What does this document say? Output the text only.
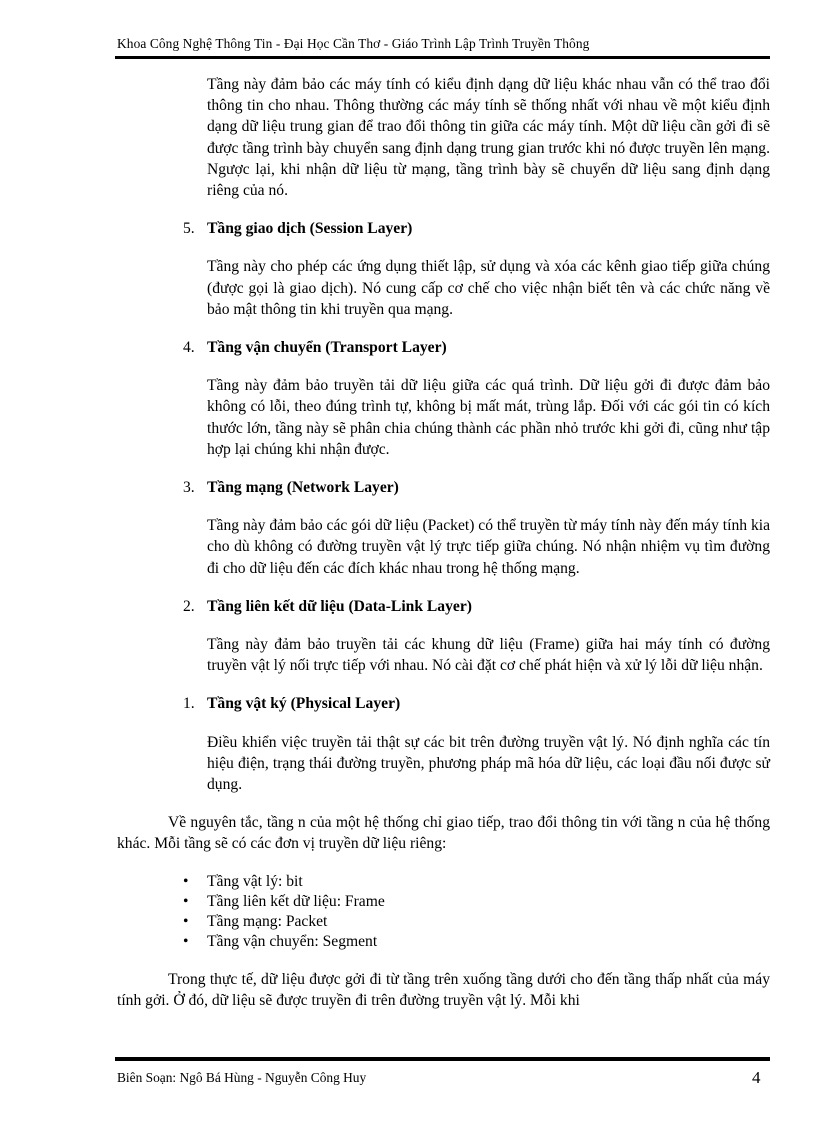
Khoa Công Nghệ Thông Tin - Đại Học Cần Thơ - Giáo Trình Lập Trình Truyền Thông

Tầng này đảm bảo các máy tính có kiểu định dạng dữ liệu khác nhau vẫn có thể trao đổi thông tin cho nhau. Thông thường các máy tính sẽ thống nhất với nhau về một kiểu định dạng dữ liệu trung gian để trao đổi thông tin giữa các máy tính. Một dữ liệu cần gởi đi sẽ được tầng trình bày chuyển sang định dạng trung gian trước khi nó được truyền lên mạng. Ngược lại, khi nhận dữ liệu từ mạng, tầng trình bày sẽ chuyển dữ liệu sang định dạng riêng của nó.

5. Tầng giao dịch (Session Layer)

Tầng này cho phép các ứng dụng thiết lập, sử dụng và xóa các kênh giao tiếp giữa chúng (được gọi là giao dịch). Nó cung cấp cơ chế cho việc nhận biết tên và các chức năng về bảo mật thông tin khi truyền qua mạng.

4. Tầng vận chuyển (Transport Layer)

Tầng này đảm bảo truyền tải dữ liệu giữa các quá trình. Dữ liệu gởi đi được đảm bảo không có lỗi, theo đúng trình tự, không bị mất mát, trùng lắp. Đối với các gói tin có kích thước lớn, tầng này sẽ phân chia chúng thành các phần nhỏ trước khi gởi đi, cũng như tập hợp lại chúng khi nhận được.

3. Tầng mạng (Network Layer)

Tầng này đảm bảo các gói dữ liệu (Packet) có thể truyền từ máy tính này đến máy tính kia cho dù không có đường truyền vật lý trực tiếp giữa chúng. Nó nhận nhiệm vụ tìm đường đi cho dữ liệu đến các đích khác nhau trong hệ thống mạng.

2. Tầng liên kết dữ liệu (Data-Link Layer)

Tầng này đảm bảo truyền tải các khung dữ liệu (Frame) giữa hai máy tính có đường truyền vật lý nối trực tiếp với nhau. Nó cài đặt cơ chế phát hiện và xử lý lỗi dữ liệu nhận.

1. Tầng vật ký (Physical Layer)

Điều khiển việc truyền tải thật sự các bit trên đường truyền vật lý. Nó định nghĩa các tín hiệu điện, trạng thái đường truyền, phương pháp mã hóa dữ liệu, các loại đầu nối được sử dụng.

Về nguyên tắc, tầng n của một hệ thống chỉ giao tiếp, trao đổi thông tin với tầng n của hệ thống khác. Mỗi tầng sẽ có các đơn vị truyền dữ liệu riêng:

•	Tầng vật lý: bit
•	Tầng liên kết dữ liệu: Frame
•	Tầng mạng: Packet
•	Tầng vận chuyển: Segment

Trong thực tế, dữ liệu được gởi đi từ tầng trên xuống tầng dưới cho đến tầng thấp nhất của máy tính gởi. Ở đó, dữ liệu sẽ được truyền đi trên đường truyền vật lý. Mỗi khi

Biên Soạn: Ngô Bá Hùng - Nguyễn Công Huy	4
